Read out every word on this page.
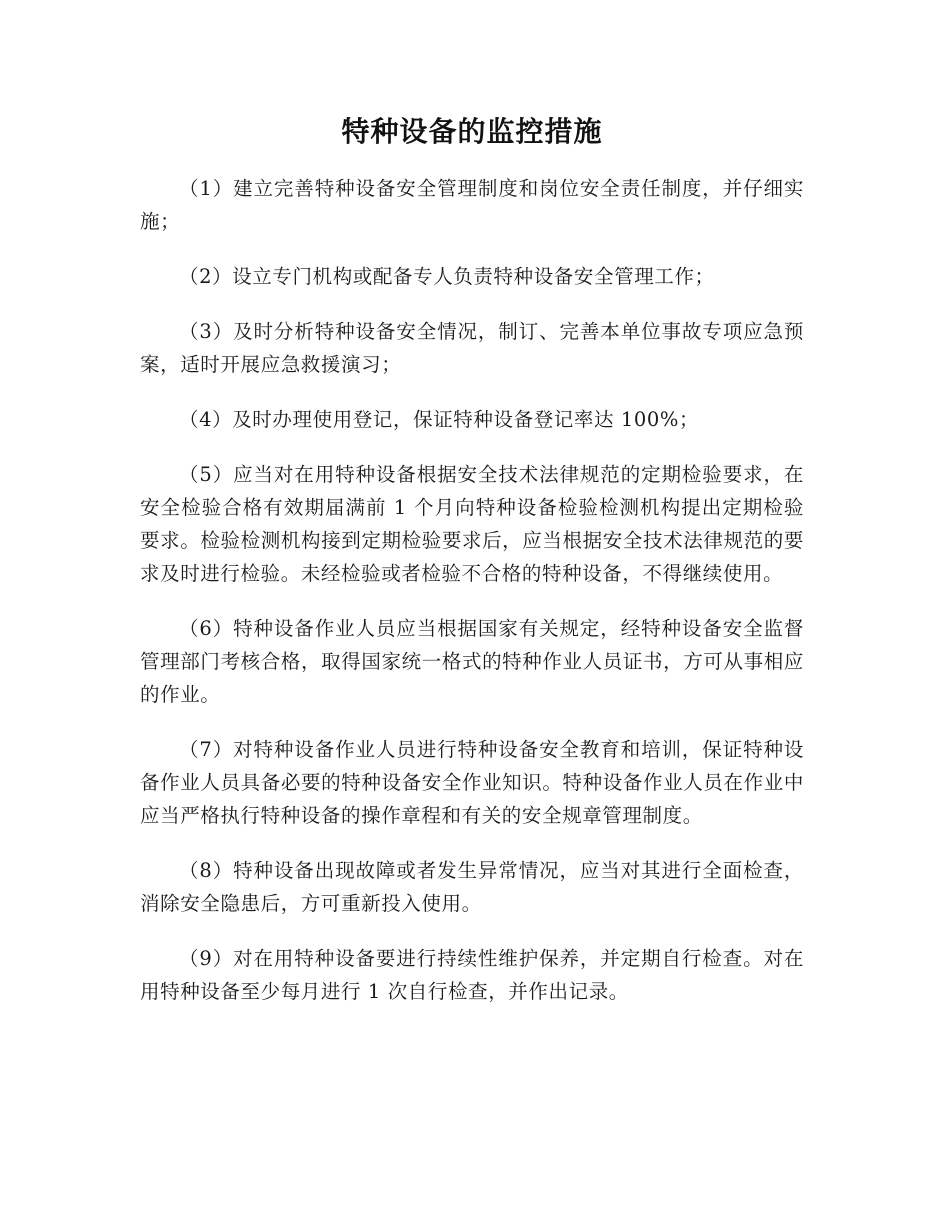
特种设备的监控措施

（1）建立完善特种设备安全管理制度和岗位安全责任制度，并仔细实施；

（2）设立专门机构或配备专人负责特种设备安全管理工作；

（3）及时分析特种设备安全情况，制订、完善本单位事故专项应急预案，适时开展应急救援演习；

（4）及时办理使用登记，保证特种设备登记率达 100%；

（5）应当对在用特种设备根据安全技术法律规范的定期检验要求，在安全检验合格有效期届满前 1 个月向特种设备检验检测机构提出定期检验要求。检验检测机构接到定期检验要求后，应当根据安全技术法律规范的要求及时进行检验。未经检验或者检验不合格的特种设备，不得继续使用。

（6）特种设备作业人员应当根据国家有关规定，经特种设备安全监督管理部门考核合格，取得国家统一格式的特种作业人员证书，方可从事相应的作业。

（7）对特种设备作业人员进行特种设备安全教育和培训，保证特种设备作业人员具备必要的特种设备安全作业知识。特种设备作业人员在作业中应当严格执行特种设备的操作章程和有关的安全规章管理制度。

（8）特种设备出现故障或者发生异常情况，应当对其进行全面检查，消除安全隐患后，方可重新投入使用。

（9）对在用特种设备要进行持续性维护保养，并定期自行检查。对在用特种设备至少每月进行 1 次自行检查，并作出记录。
